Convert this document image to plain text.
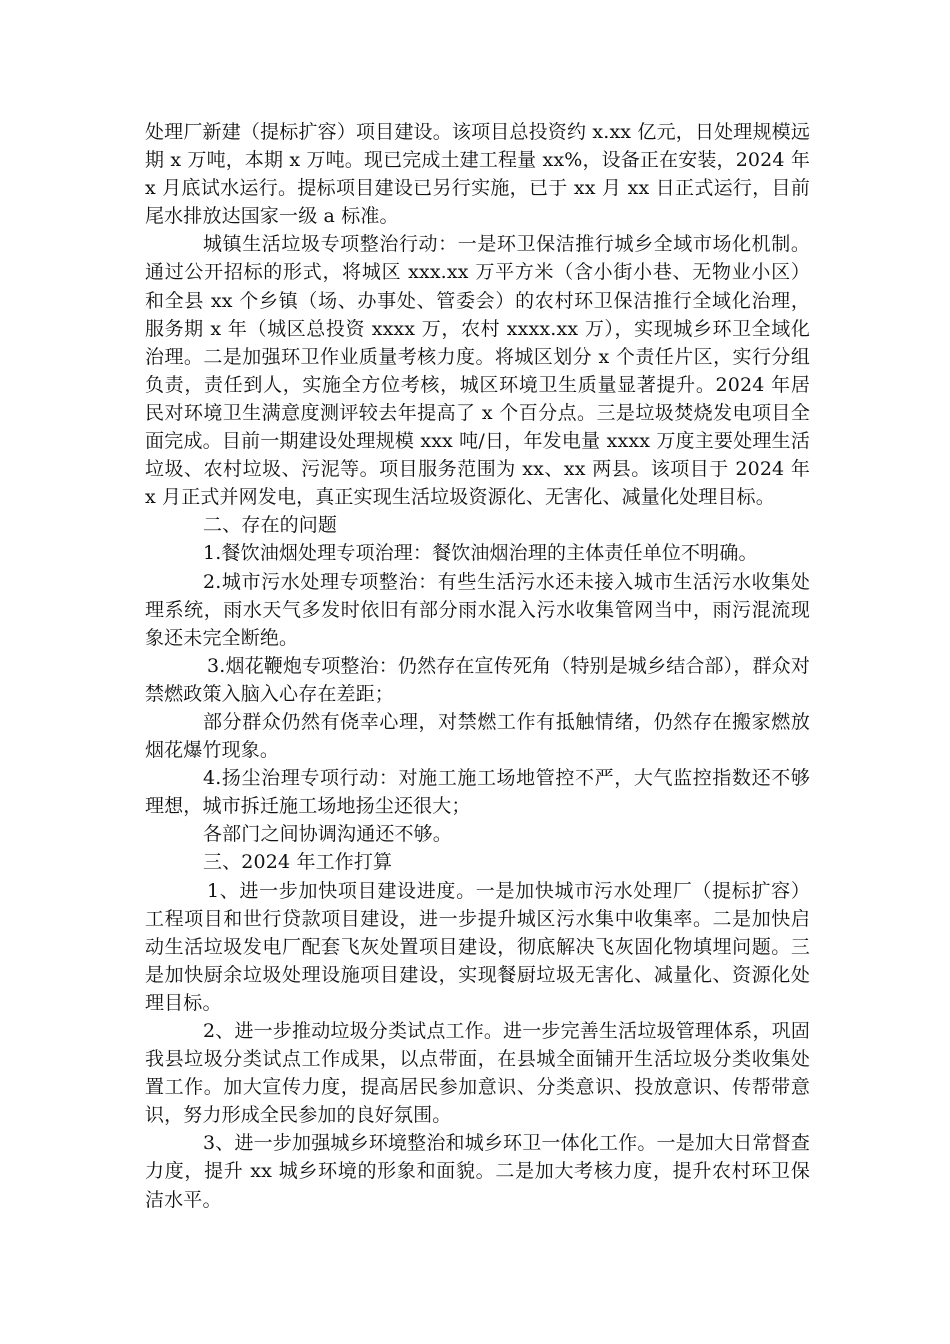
处理厂新建（提标扩容）项目建设。该项目总投资约 x.xx 亿元，日处理规模远期 x 万吨，本期 x 万吨。现已完成土建工程量 xx%，设备正在安装，2024 年 x 月底试水运行。提标项目建设已另行实施，已于 xx 月 xx 日正式运行，目前尾水排放达国家一级 a 标准。

城镇生活垃圾专项整治行动：一是环卫保洁推行城乡全域市场化机制。通过公开招标的形式，将城区 xxx.xx 万平方米（含小街小巷、无物业小区）和全县 xx 个乡镇（场、办事处、管委会）的农村环卫保洁推行全域化治理，服务期 x 年（城区总投资 xxxx 万，农村 xxxx.xx 万），实现城乡环卫全域化治理。二是加强环卫作业质量考核力度。将城区划分 x 个责任片区，实行分组负责，责任到人，实施全方位考核，城区环境卫生质量显著提升。2024 年居民对环境卫生满意度测评较去年提高了 x 个百分点。三是垃圾焚烧发电项目全面完成。目前一期建设处理规模 xxx 吨/日，年发电量 xxxx 万度主要处理生活垃圾、农村垃圾、污泥等。项目服务范围为 xx、xx 两县。该项目于 2024 年 x 月正式并网发电，真正实现生活垃圾资源化、无害化、减量化处理目标。

二、存在的问题

1.餐饮油烟处理专项治理：餐饮油烟治理的主体责任单位不明确。

2.城市污水处理专项整治：有些生活污水还未接入城市生活污水收集处理系统，雨水天气多发时依旧有部分雨水混入污水收集管网当中，雨污混流现象还未完全断绝。

3.烟花鞭炮专项整治：仍然存在宣传死角（特别是城乡结合部），群众对禁燃政策入脑入心存在差距；

部分群众仍然有侥幸心理，对禁燃工作有抵触情绪，仍然存在搬家燃放烟花爆竹现象。

4.扬尘治理专项行动：对施工施工场地管控不严，大气监控指数还不够理想，城市拆迁施工场地扬尘还很大；

各部门之间协调沟通还不够。

三、2024 年工作打算

1、进一步加快项目建设进度。一是加快城市污水处理厂（提标扩容）工程项目和世行贷款项目建设，进一步提升城区污水集中收集率。二是加快启动生活垃圾发电厂配套飞灰处置项目建设，彻底解决飞灰固化物填埋问题。三是加快厨余垃圾处理设施项目建设，实现餐厨垃圾无害化、减量化、资源化处理目标。

2、进一步推动垃圾分类试点工作。进一步完善生活垃圾管理体系，巩固我县垃圾分类试点工作成果，以点带面，在县城全面铺开生活垃圾分类收集处置工作。加大宣传力度，提高居民参加意识、分类意识、投放意识、传帮带意识，努力形成全民参加的良好氛围。

3、进一步加强城乡环境整治和城乡环卫一体化工作。一是加大日常督查力度，提升 xx 城乡环境的形象和面貌。二是加大考核力度，提升农村环卫保洁水平。
